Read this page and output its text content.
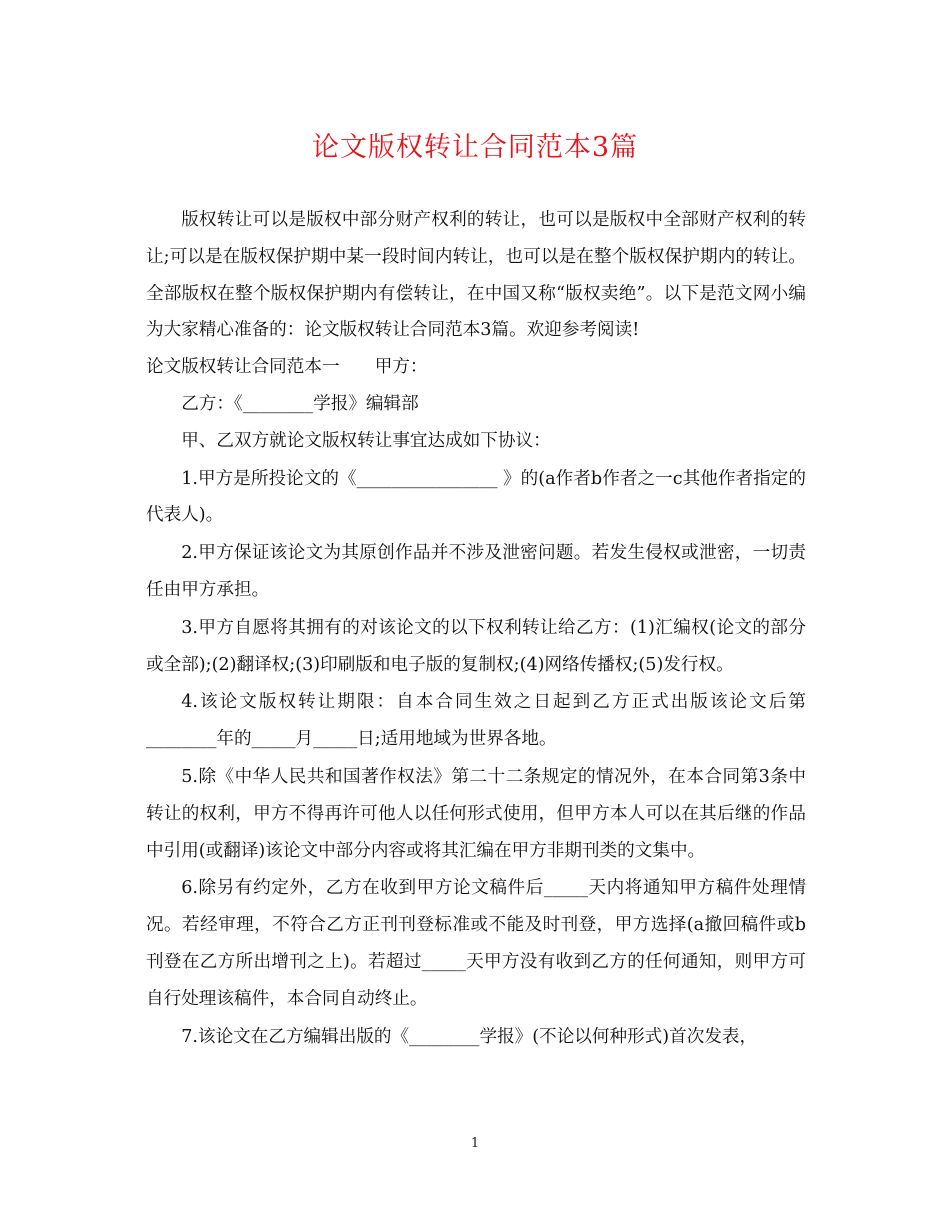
论文版权转让合同范本3篇

版权转让可以是版权中部分财产权利的转让，也可以是版权中全部财产权利的转让;可以是在版权保护期中某一段时间内转让，也可以是在整个版权保护期内的转让。全部版权在整个版权保护期内有偿转让，在中国又称“版权卖绝”。以下是范文网小编为大家精心准备的：论文版权转让合同范本3篇。欢迎参考阅读!

论文版权转让合同范本一　　甲方：

乙方：《________学报》编辑部

甲、乙双方就论文版权转让事宜达成如下协议：

1.甲方是所投论文的《________________ 》的(a作者b作者之一c其他作者指定的代表人)。

2.甲方保证该论文为其原创作品并不涉及泄密问题。若发生侵权或泄密，一切责任由甲方承担。

3.甲方自愿将其拥有的对该论文的以下权利转让给乙方：(1)汇编权(论文的部分或全部);(2)翻译权;(3)印刷版和电子版的复制权;(4)网络传播权;(5)发行权。

4.该论文版权转让期限：自本合同生效之日起到乙方正式出版该论文后第________年的_____月_____日;适用地域为世界各地。

5.除《中华人民共和国著作权法》第二十二条规定的情况外，在本合同第3条中转让的权利，甲方不得再许可他人以任何形式使用，但甲方本人可以在其后继的作品中引用(或翻译)该论文中部分内容或将其汇编在甲方非期刊类的文集中。

6.除另有约定外，乙方在收到甲方论文稿件后_____天内将通知甲方稿件处理情况。若经审理，不符合乙方正刊刊登标准或不能及时刊登，甲方选择(a撤回稿件或b刊登在乙方所出增刊之上)。若超过_____天甲方没有收到乙方的任何通知，则甲方可自行处理该稿件，本合同自动终止。

7.该论文在乙方编辑出版的《________学报》(不论以何种形式)首次发表，

1
